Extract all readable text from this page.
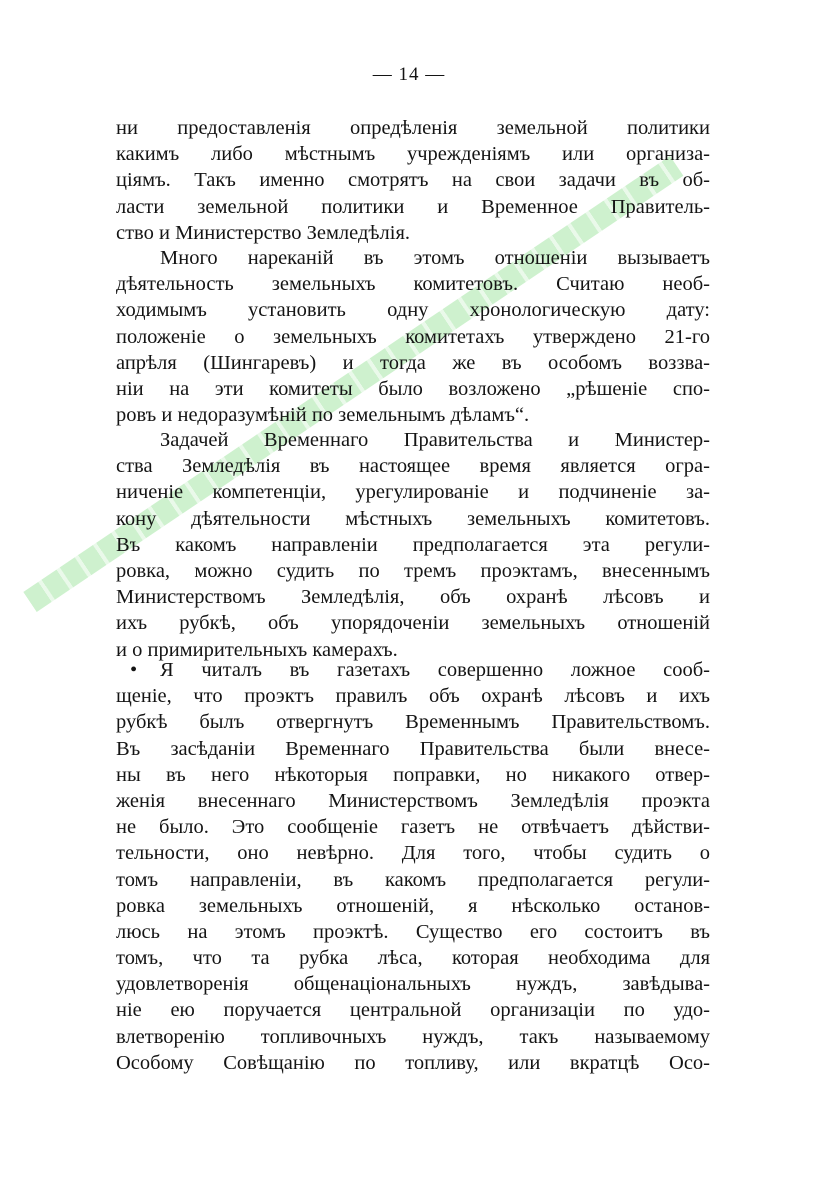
— 14 —
ни предоставленія опредѣленія земельной политики
какимъ либо мѣстнымъ учрежденіямъ или организа-
ціямъ. Такъ именно смотрятъ на свои задачи въ об-
ласти земельной политики и Временное Правитель-
ство и Министерство Земледѣлія.
Много нареканій въ этомъ отношеніи вызываетъ
дѣятельность земельныхъ комитетовъ. Считаю необ-
ходимымъ установить одну хронологическую дату:
положеніе о земельныхъ комитетахъ утверждено 21-го
апрѣля (Шингаревъ) и тогда же въ особомъ воззва-
ніи на эти комитеты было возложено „рѣшеніе спо-
ровъ и недоразумѣній по земельнымъ дѣламъ“.
Задачей Временнаго Правительства и Министер-
ства Земледѣлія въ настоящее время является огра-
ниченіе компетенціи, урегулированіе и подчиненіе за-
кону дѣятельности мѣстныхъ земельныхъ комитетовъ.
Въ какомъ направленіи предполагается эта регули-
ровка, можно судить по тремъ проэктамъ, внесеннымъ
Министерствомъ Земледѣлія, объ охранѣ лѣсовъ и
ихъ рубкѣ, объ упорядоченіи земельныхъ отношеній
и о примирительныхъ камерахъ.
•	Я читалъ въ газетахъ совершенно ложное сооб-
щеніе, что проэктъ правилъ объ охранѣ лѣсовъ и ихъ
рубкѣ былъ отвергнутъ Временнымъ Правительствомъ.
Въ засѣданіи Временнаго Правительства были внесе-
ны въ него нѣкоторыя поправки, но никакого отвер-
женія внесеннаго Министерствомъ Земледѣлія проэкта
не было. Это сообщеніе газетъ не отвѣчаетъ дѣйстви-
тельности, оно невѣрно. Для того, чтобы судить о
томъ направленіи, въ какомъ предполагается регули-
ровка земельныхъ отношеній, я нѣсколько останов-
люсь на этомъ проэктѣ. Существо его состоитъ въ
томъ, что та рубка лѣса, которая необходима для
удовлетворенія общенаціональныхъ нуждъ, завѣдыва-
ніе ею поручается центральной организаціи по удо-
влетворенію топливочныхъ нуждъ, такъ называемому
Особому Совѣщанію по топливу, или вкратцѣ Осо-
